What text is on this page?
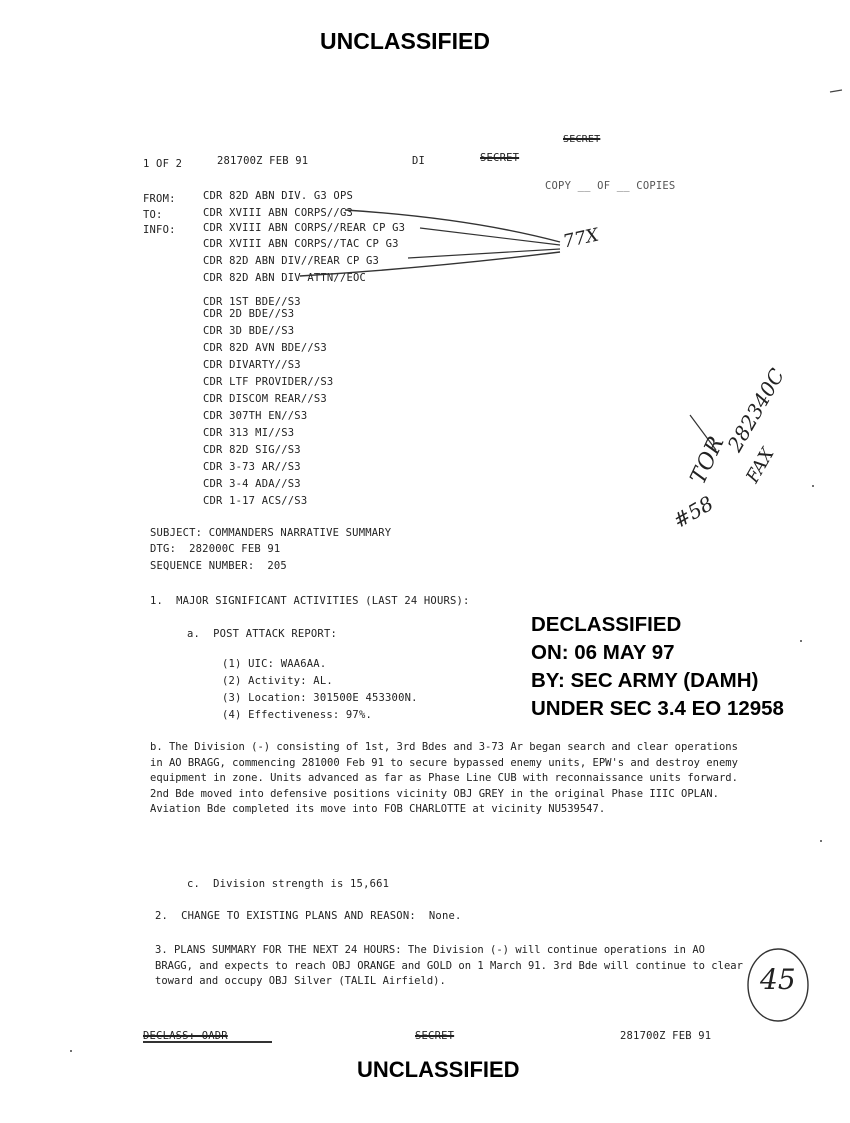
UNCLASSIFIED
SECRET
1 OF 2	281700Z FEB 91	DI	SECRET
COPY __ OF __ COPIES
FROM:	CDR 82D ABN DIV. G3 OPS
TO:	CDR XVIII ABN CORPS//G3
INFO:	CDR XVIII ABN CORPS//REAR CP G3
CDR XVIII ABN CORPS//TAC CP G3
CDR 82D ABN DIV//REAR CP G3
CDR 82D ABN DIV ATTN//EOC
77X
CDR 1ST BDE//S3
CDR 2D BDE//S3
CDR 3D BDE//S3
CDR 82D AVN BDE//S3
CDR DIVARTY//S3
CDR LTF PROVIDER//S3
CDR DISCOM REAR//S3
CDR 307TH EN//S3
CDR 313 MI//S3
CDR 82D SIG//S3
CDR 3-73 AR//S3
CDR 3-4 ADA//S3
CDR 1-17 ACS//S3
TOR
282340C
FAX
#58
SUBJECT: COMMANDERS NARRATIVE SUMMARY
DTG:  282000C FEB 91
SEQUENCE NUMBER:  205
1.  MAJOR SIGNIFICANT ACTIVITIES (LAST 24 HOURS):
a.  POST ATTACK REPORT:
(1) UIC: WAA6AA.
(2) Activity: AL.
(3) Location: 301500E 453300N.
(4) Effectiveness: 97%.
DECLASSIFIED
ON: 06 MAY 97
BY: SEC ARMY (DAMH)
UNDER SEC 3.4 EO 12958
b. The Division (-) consisting of 1st, 3rd Bdes and 3-73 Ar began search and clear operations in AO BRAGG, commencing 281000 Feb 91 to secure bypassed enemy units, EPW's and destroy enemy equipment in zone. Units advanced as far as Phase Line CUB with reconnaissance units forward. 2nd Bde moved into defensive positions vicinity OBJ GREY in the original Phase IIIC OPLAN. Aviation Bde completed its move into FOB CHARLOTTE at vicinity NU539547.
c.  Division strength is 15,661
2.  CHANGE TO EXISTING PLANS AND REASON:  None.
3. PLANS SUMMARY FOR THE NEXT 24 HOURS: The Division (-) will continue operations in AO BRAGG, and expects to reach OBJ ORANGE and GOLD on 1 March 91. 3rd Bde will continue to clear toward and occupy OBJ Silver (TALIL Airfield).	45
DECLASS: OADR	SECRET	281700Z FEB 91
UNCLASSIFIED
